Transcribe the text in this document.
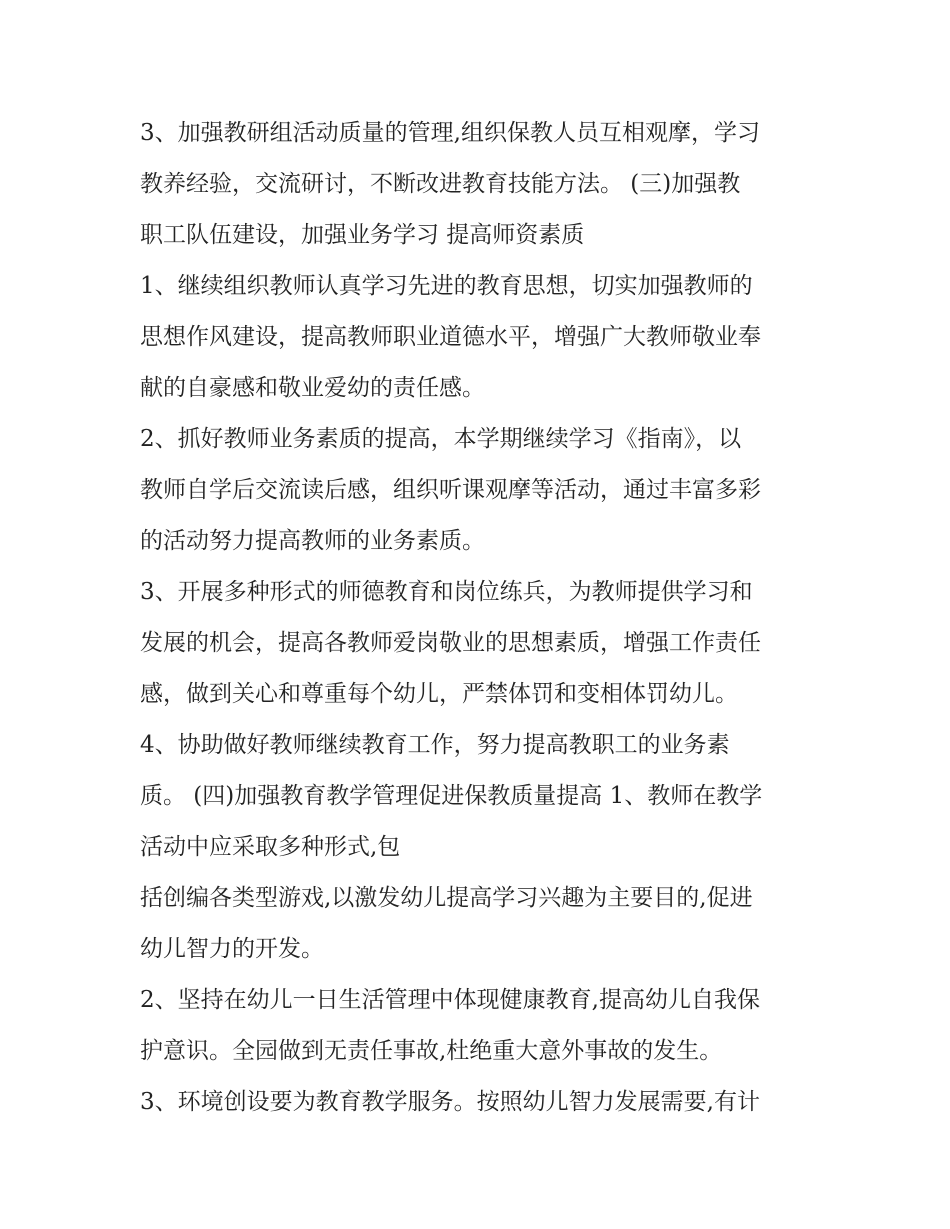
3、加强教研组活动质量的管理,组织保教人员互相观摩，学习
教养经验，交流研讨，不断改进教育技能方法。 (三)加强教
职工队伍建设，加强业务学习 提高师资素质
1、继续组织教师认真学习先进的教育思想，切实加强教师的
思想作风建设，提高教师职业道德水平，增强广大教师敬业奉
献的自豪感和敬业爱幼的责任感。
2、抓好教师业务素质的提高，本学期继续学习《指南》，以
教师自学后交流读后感，组织听课观摩等活动，通过丰富多彩
的活动努力提高教师的业务素质。
3、开展多种形式的师德教育和岗位练兵，为教师提供学习和
发展的机会，提高各教师爱岗敬业的思想素质，增强工作责任
感，做到关心和尊重每个幼儿，严禁体罚和变相体罚幼儿。
4、协助做好教师继续教育工作，努力提高教职工的业务素
质。 (四)加强教育教学管理促进保教质量提高 1、教师在教学
活动中应采取多种形式,包
括创编各类型游戏,以激发幼儿提高学习兴趣为主要目的,促进
幼儿智力的开发。
2、坚持在幼儿一日生活管理中体现健康教育,提高幼儿自我保
护意识。全园做到无责任事故,杜绝重大意外事故的发生。
3、环境创设要为教育教学服务。按照幼儿智力发展需要,有计
